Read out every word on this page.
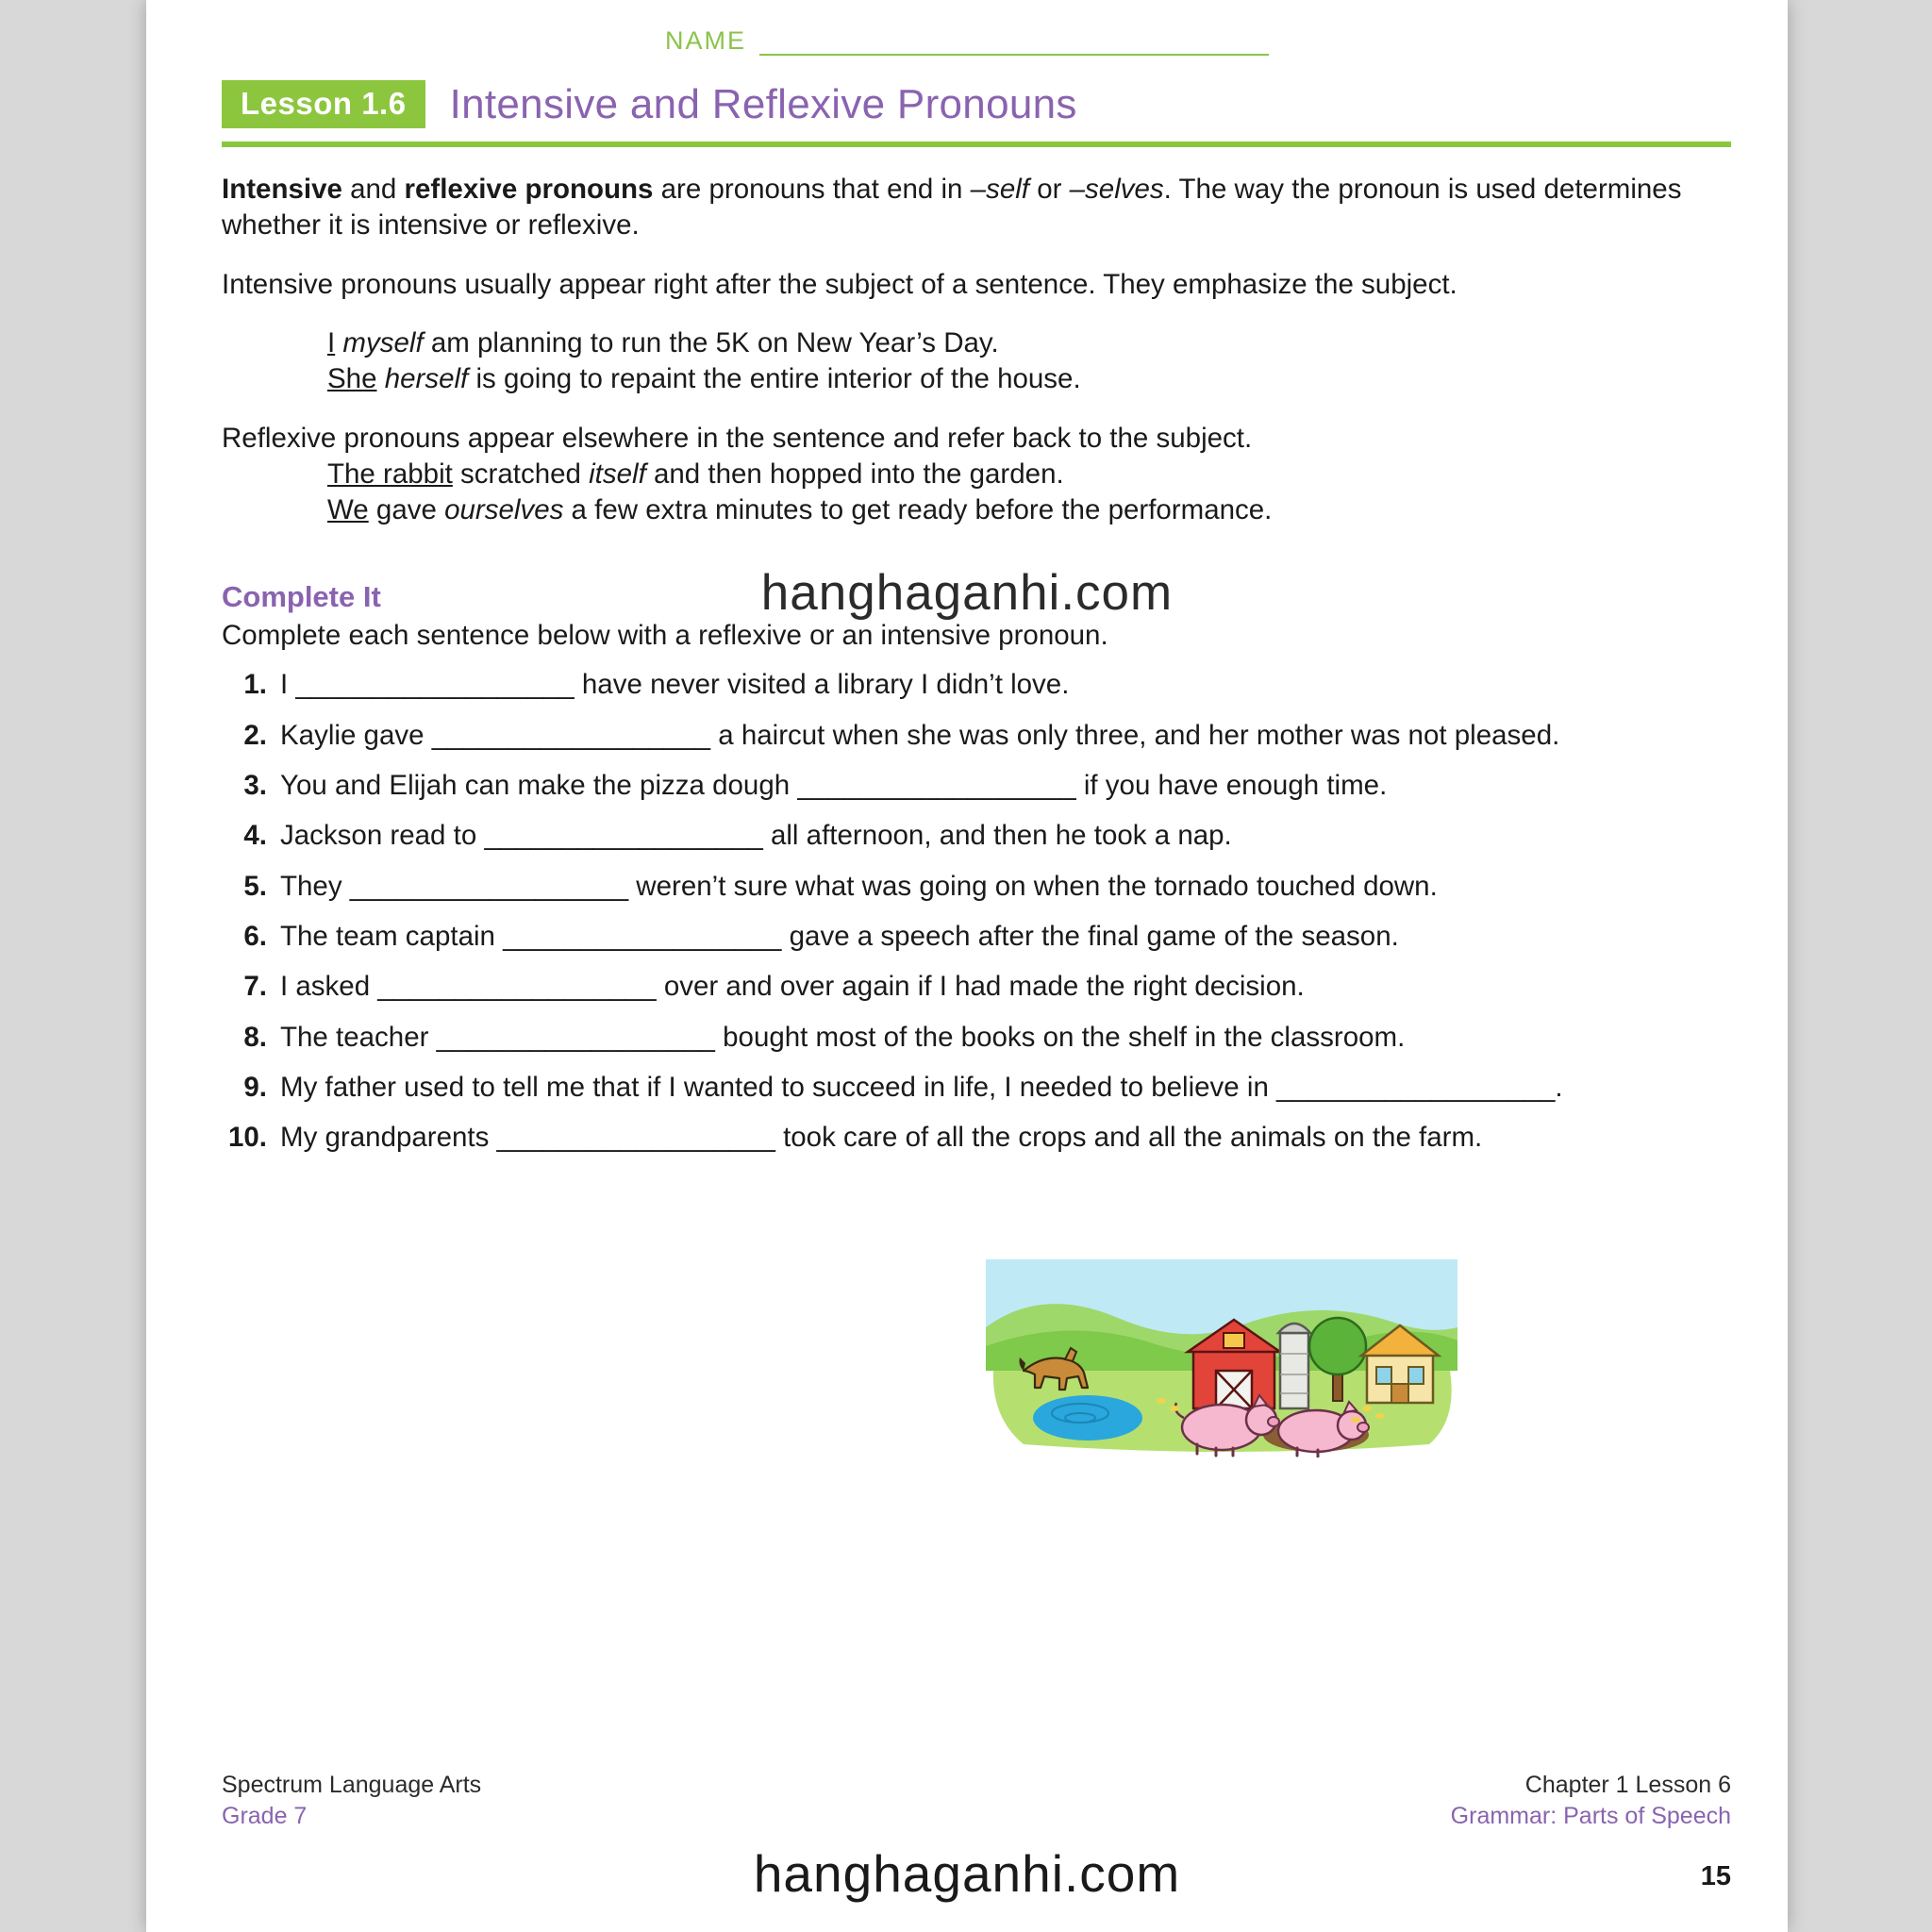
NAME
Lesson 1.6	Intensive and Reflexive Pronouns
Intensive and reflexive pronouns are pronouns that end in –self or –selves. The way the pronoun is used determines whether it is intensive or reflexive.
Intensive pronouns usually appear right after the subject of a sentence. They emphasize the subject.
I myself am planning to run the 5K on New Year’s Day.
She herself is going to repaint the entire interior of the house.
Reflexive pronouns appear elsewhere in the sentence and refer back to the subject.
The rabbit scratched itself and then hopped into the garden.
We gave ourselves a few extra minutes to get ready before the performance.
Complete It
Complete each sentence below with a reflexive or an intensive pronoun.
1. I __________________ have never visited a library I didn’t love.
2. Kaylie gave __________________ a haircut when she was only three, and her mother was not pleased.
3. You and Elijah can make the pizza dough __________________ if you have enough time.
4. Jackson read to __________________ all afternoon, and then he took a nap.
5. They __________________ weren’t sure what was going on when the tornado touched down.
6. The team captain __________________ gave a speech after the final game of the season.
7. I asked __________________ over and over again if I had made the right decision.
8. The teacher __________________ bought most of the books on the shelf in the classroom.
9. My father used to tell me that if I wanted to succeed in life, I needed to believe in __________________.
10. My grandparents __________________ took care of all the crops and all the animals on the farm.
hanghaganhi.com
Spectrum Language Arts
Grade 7
Chapter 1 Lesson 6
Grammar: Parts of Speech
hanghaganhi.com	15
